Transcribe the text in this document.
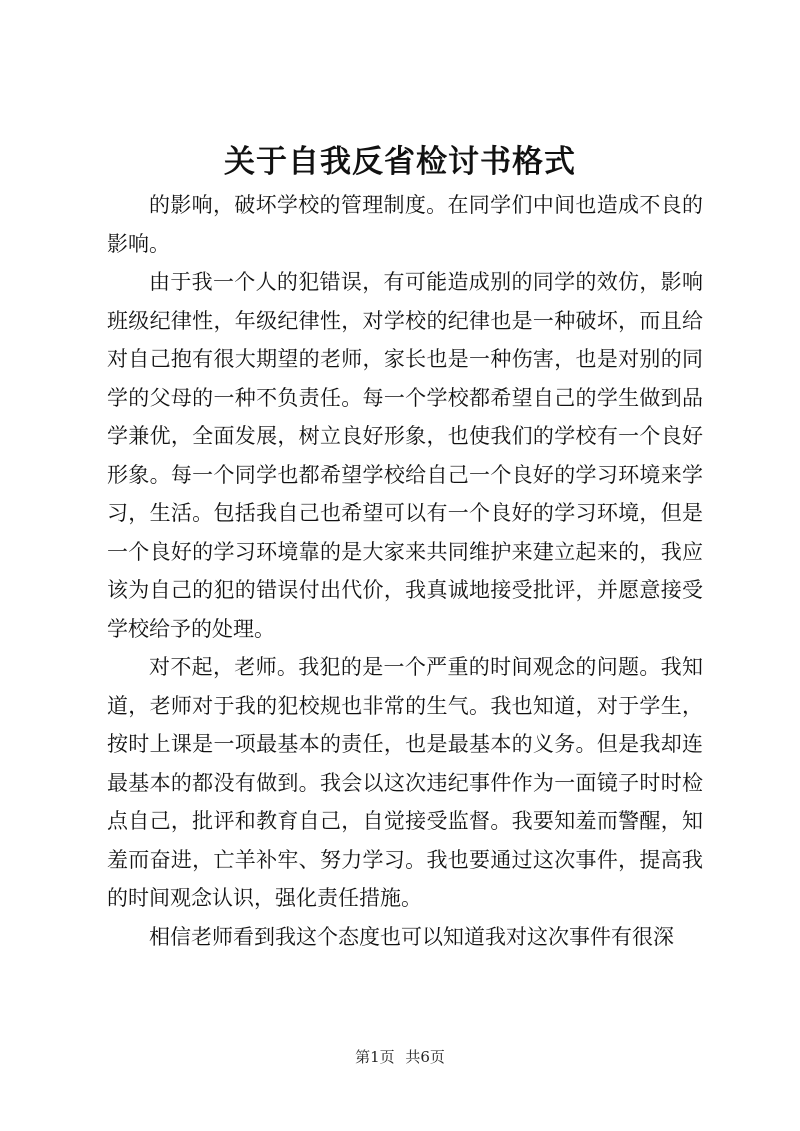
关于自我反省检讨书格式

的影响，破坏学校的管理制度。在同学们中间也造成不良的影响。

由于我一个人的犯错误，有可能造成别的同学的效仿，影响班级纪律性，年级纪律性，对学校的纪律也是一种破坏，而且给对自己抱有很大期望的老师，家长也是一种伤害，也是对别的同学的父母的一种不负责任。每一个学校都希望自己的学生做到品学兼优，全面发展，树立良好形象，也使我们的学校有一个良好形象。每一个同学也都希望学校给自己一个良好的学习环境来学习，生活。包括我自己也希望可以有一个良好的学习环境，但是一个良好的学习环境靠的是大家来共同维护来建立起来的，我应该为自己的犯的错误付出代价，我真诚地接受批评，并愿意接受学校给予的处理。

对不起，老师。我犯的是一个严重的时间观念的问题。我知道，老师对于我的犯校规也非常的生气。我也知道，对于学生，按时上课是一项最基本的责任，也是最基本的义务。但是我却连最基本的都没有做到。我会以这次违纪事件作为一面镜子时时检点自己，批评和教育自己，自觉接受监督。我要知羞而警醒，知羞而奋进，亡羊补牢、努力学习。我也要通过这次事件，提高我的时间观念认识，强化责任措施。

相信老师看到我这个态度也可以知道我对这次事件有很深

第1页 共6页
